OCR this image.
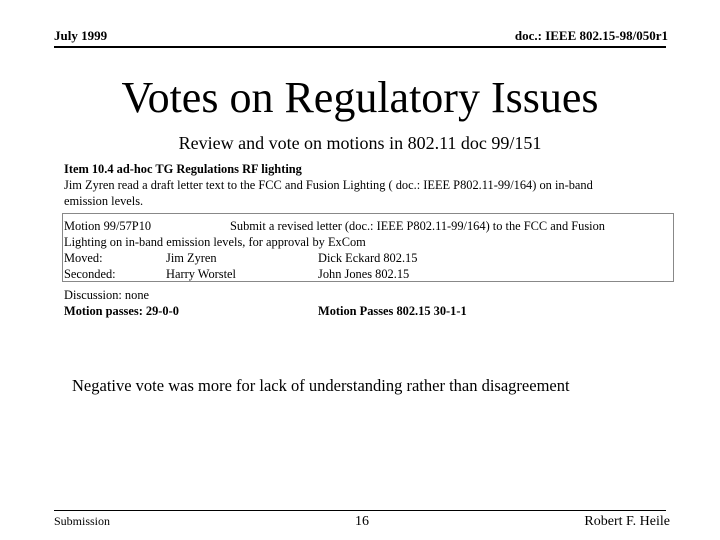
July 1999	doc.: IEEE 802.15-98/050r1
Votes on Regulatory Issues
Review and vote on motions in 802.11 doc 99/151
Item 10.4 ad-hoc TG Regulations RF lighting
Jim Zyren read a draft letter text to the FCC and Fusion Lighting ( doc.: IEEE P802.11-99/164) on in-band
emission levels.
Motion 99/57P10	Submit a revised letter (doc.: IEEE P802.11-99/164) to the FCC and Fusion
Lighting on in-band emission levels, for approval by ExCom
Moved:	Jim Zyren	Dick Eckard 802.15
Seconded:	Harry Worstel	John Jones 802.15
Discussion: none
Motion passes: 29-0-0	Motion Passes 802.15 30-1-1
Negative vote was more for lack of understanding rather than disagreement
Submission	16	Robert F. Heile
